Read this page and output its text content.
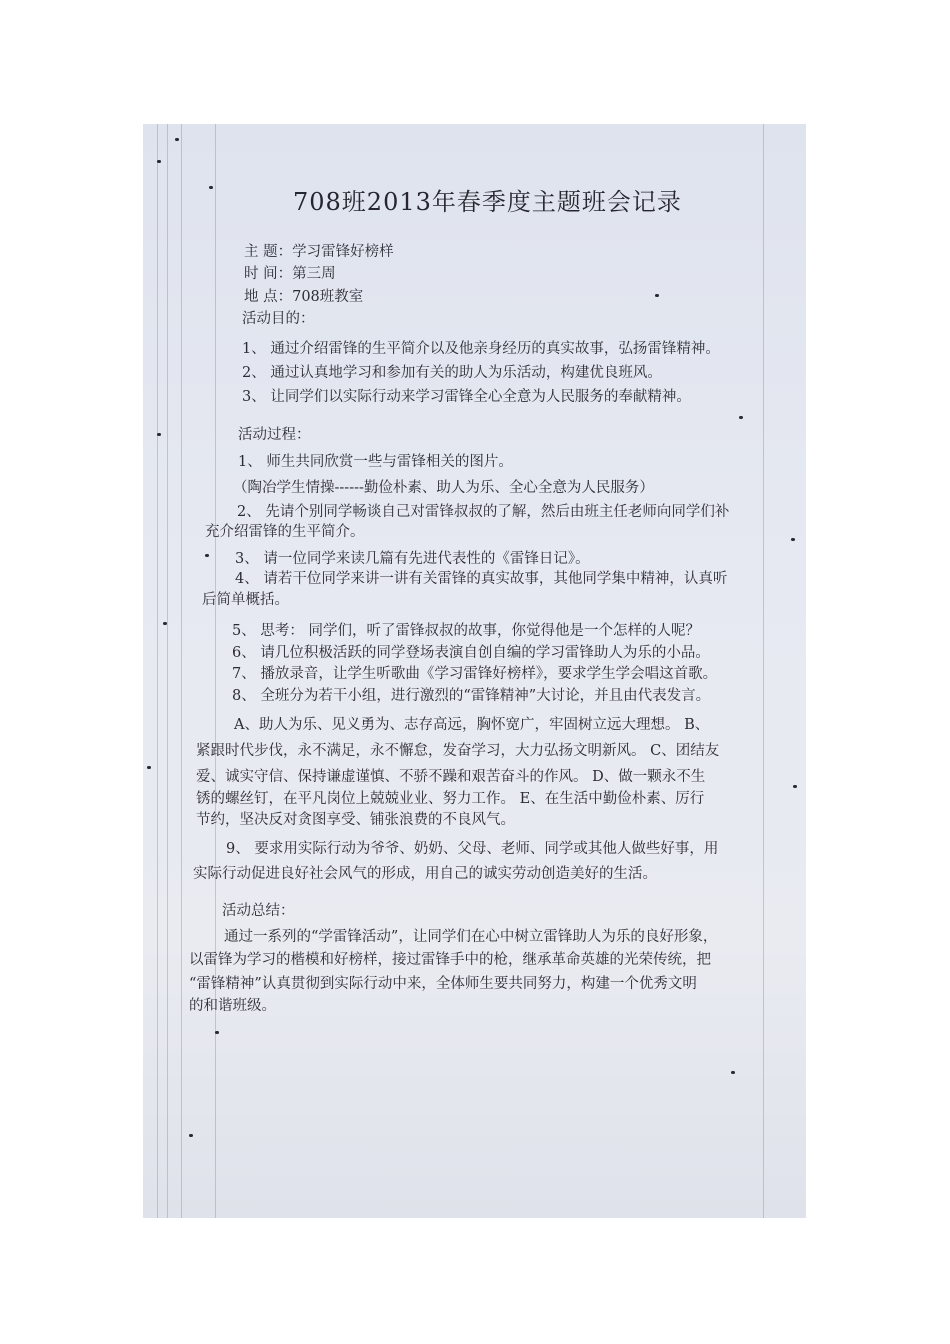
708班2013年春季度主题班会记录
主 题：学习雷锋好榜样
时 间：第三周
地 点：708班教室
活动目的：
1、 通过介绍雷锋的生平简介以及他亲身经历的真实故事，弘扬雷锋精神。
2、 通过认真地学习和参加有关的助人为乐活动，构建优良班风。
3、 让同学们以实际行动来学习雷锋全心全意为人民服务的奉献精神。
活动过程：
1、 师生共同欣赏一些与雷锋相关的图片。
（陶冶学生情操------勤俭朴素、助人为乐、全心全意为人民服务）
2、 先请个别同学畅谈自己对雷锋叔叔的了解，然后由班主任老师向同学们补
充介绍雷锋的生平简介。
3、 请一位同学来读几篇有先进代表性的《雷锋日记》。
4、 请若干位同学来讲一讲有关雷锋的真实故事，其他同学集中精神，认真听
后简单概括。
5、 思考： 同学们，听了雷锋叔叔的故事，你觉得他是一个怎样的人呢？
6、 请几位积极活跃的同学登场表演自创自编的学习雷锋助人为乐的小品。
7、 播放录音，让学生听歌曲《学习雷锋好榜样》，要求学生学会唱这首歌。
8、 全班分为若干小组，进行激烈的“雷锋精神”大讨论，并且由代表发言。
A、助人为乐、见义勇为、志存高远，胸怀宽广，牢固树立远大理想。 B、
紧跟时代步伐，永不满足，永不懈怠，发奋学习，大力弘扬文明新风。 C、团结友
爱、诚实守信、保持谦虚谨慎、不骄不躁和艰苦奋斗的作风。 D、做一颗永不生
锈的螺丝钉，在平凡岗位上兢兢业业、努力工作。 E、在生活中勤俭朴素、厉行
节约，坚决反对贪图享受、铺张浪费的不良风气。
9、 要求用实际行动为爷爷、奶奶、父母、老师、同学或其他人做些好事，用
实际行动促进良好社会风气的形成，用自己的诚实劳动创造美好的生活。
活动总结：
通过一系列的“学雷锋活动”，让同学们在心中树立雷锋助人为乐的良好形象，
以雷锋为学习的楷模和好榜样，接过雷锋手中的枪，继承革命英雄的光荣传统，把
“雷锋精神”认真贯彻到实际行动中来，全体师生要共同努力，构建一个优秀文明
的和谐班级。
